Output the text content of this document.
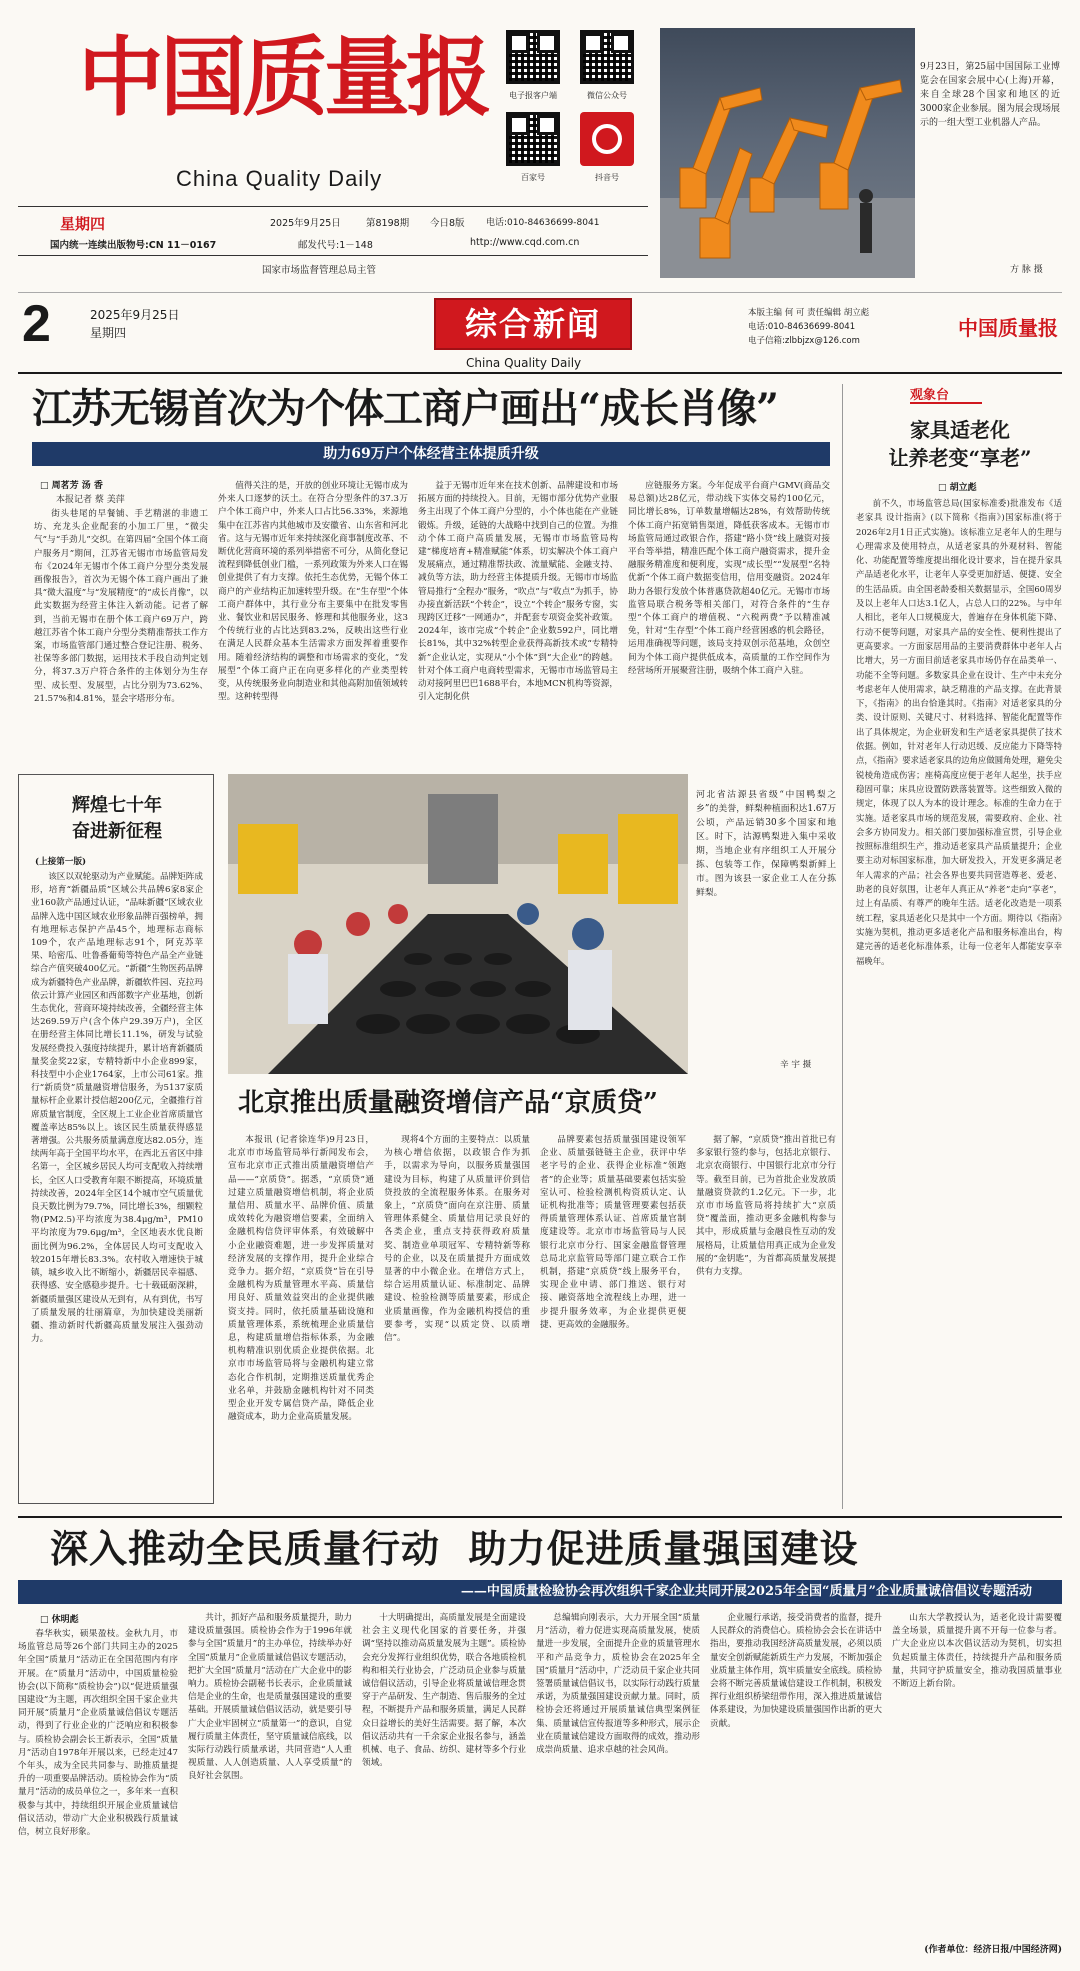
中国质量报
China Quality Daily
电子报客户端	微信公众号
百家号	抖音号
星期四	2025年9月25日	第8198期 今日8版 电话:010-84636699-8041
国内统一连续出版物号:CN 11－0167	邮发代号:1－148	http://www.cqd.com.cn
国家市场监督管理总局主管
9月23日，第25届中国国际工业博览会在国家会展中心(上海)开幕，来自全球28个国家和地区的近3000家企业参展。图为展会现场展示的一组大型工业机器人产品。
方 脉 摄
2	2025年9月25日
星期四	综合新闻
China Quality Daily
本版主编 何 可 责任编辑 胡立彪
电话:010-84636699-8041
电子信箱:zlbbjzx@126.com
中国质量报
江苏无锡首次为个体工商户画出“成长肖像”
助力69万户个体经营主体提质升级
□ 周茗芳 汤 香
本报记者 蔡 美萍
街头巷尾的早餐铺、手艺精湛的非遗工坊、充龙头企业配套的小加工厂里，“微尖气”与“手劲儿”交织。在第四届“全国个体工商户服务月”期间，江苏省无锡市市场监管局发布《2024年无锡市个体工商户分型分类发展画像报告》，首次为无锡个体工商户画出了兼具“微大温度”与“发展精度”的“成长肖像”，以此实数据为经营主体注入新动能。记者了解到，当前无锡市在册个体工商户69万户，跨越江苏省个体工商户分型分类精准帮扶工作方案，市场监管部门通过整合登记注册、税务、社保等多部门数据，运用技术手段自动判定划分，将37.3万户符合条件的主体划分为生存型、成长型、发展型，占比分别为73.62%、21.57%和4.81%，显会字塔形分布。
值得关注的是，开放的创业环境让无锡市成为外来人口逐梦的沃土。在符合分型条件的37.3万户个体工商户中，外来人口占比56.33%，来源地集中在江苏省内其他城市及安徽省、山东省和河北省。这与无锡市近年来持续深化商事制度改革、不断优化营商环境的系列举措密不可分，从简化登记流程到降低创业门槛，一系列政策为外来人口在锡创业提供了有力支撑。依托生态优势，无锡个体工商户的产业结构正加速转型升级。在“生存型”个体工商户群体中，其行业分布主要集中在批发零售业、餐饮业和居民服务、修理和其他服务业，这3个传统行业的占比达到83.2%，反映出这些行业在满足人民群众基本生活需求方面发挥着重要作用。随着经济结构的调整和市场需求的变化，“发展型”个体工商户正在向更多样化的产业类型转变，从传统服务业向制造业和其他高附加值领域转型。这种转型得
益于无锡市近年来在技术创新、品牌建设和市场拓展方面的持续投入。目前，无锡市部分优势产业服务主出现了个体工商户分型的，小个体也能在产业链锻炼。升级，延链的大战略中找到自己的位置。为推动个体工商户高质量发展，无锡市市场监管局构建“梯度培育+精准赋能”体系，切实解决个体工商户发展痛点，通过精准帮扶政、流量赋能、金融支持、减负等方法，助力经营主体提质升级。无锡市市场监管局推行“全程办”服务，“吹点”与“收点”为抓手，协办接直新活跃“个转企”，设立“个转企”服务专窗，实现跨区迁移“一网通办”，并配套专项资金奖补政策。2024年，该市完成“个转企”企业数592户，同比增长81%，其中32%转型企业获得高新技术或“专精特新”企业认定，实现从“小个体”到“大企业”的跨越。针对个体工商户电商转型需求，无锡市市场监管局主动对接阿里巴巴1688平台，本地MCN机构等资源，引入定制化供
应链服务方案。今年促成平台商户GMV(商品交易总额)达28亿元，带动线下实体交易约100亿元，同比增长8%，订单数量增幅达28%，有效帮助传统个体工商户拓宽销售渠道，降低获客成本。无锡市市场监管局通过政银合作，搭建“路小贷”线上融资对接平台等举措，精准匹配个体工商户融资需求，提升金融服务精准度和便利度，实现“成长型”“发展型”名特优新“个体工商户数据变信用，信用变融资。2024年助力各银行发放个体普惠贷款超40亿元。无锡市市场监管局联合税务等相关部门，对符合条件的“生存型”个体工商户的增值税、“六税两费”予以精准减免，针对“生存型”个体工商户经营困惑的机会路径，运用准确视等问题，该局支持双创示范基地，众创空间为个体工商户提供低成本，高质量的工作空间作为经营场所开展聚营注册，吸纳个体工商户入驻。
观象台
家具适老化
让养老变“享老”
□ 胡立彪
前不久，市场监管总局(国家标准委)批准发布《适老家具 设计指南》(以下简称《指南》)国家标准(将于2026年2月1日正式实施)。该标准立足老年人的生理与心理需求及使用特点，从适老家具的外观材料、智能化、功能配置等维度提出细化设计要求，旨在提升家具产品适老化水平，让老年人享受更加舒适、便捷、安全的生活品质。由全国老龄委相关数据显示，全国60周岁及以上老年人口达3.1亿人，占总人口的22%。与中年人相比，老年人口规模庞大，普遍存在身体机能下降、行动不便等问题，对家具产品的安全性、便利性提出了更高要求。一方面家居用品的主要消费群体中老年人占比增大，另一方面目前适老家具市场仍存在品类单一、功能不全等问题。多数家具企业在设计、生产中未充分考虑老年人使用需求，缺乏精准的产品支撑。在此背景下，《指南》的出台恰逢其时。《指南》对适老家具的分类、设计原则、关键尺寸、材料选择、智能化配置等作出了具体规定，为企业研发和生产适老家具提供了技术依据。例如，针对老年人行动迟缓、反应能力下降等特点，《指南》要求适老家具的边角应做圆角处理，避免尖锐棱角造成伤害；座椅高度应便于老年人起坐，扶手应稳固可靠；床具应设置防跌落装置等。这些细致入微的规定，体现了以人为本的设计理念。标准的生命力在于实施。适老家具市场的规范发展，需要政府、企业、社会多方协同发力。相关部门要加强标准宣贯，引导企业按照标准组织生产，推动适老家具产品质量提升；企业要主动对标国家标准，加大研发投入，开发更多满足老年人需求的产品；社会各界也要共同营造尊老、爱老、助老的良好氛围，让老年人真正从“养老”走向“享老”，过上有品质、有尊严的晚年生活。适老化改造是一项系统工程，家具适老化只是其中一个方面。期待以《指南》实施为契机，推动更多适老化产品和服务标准出台，构建完善的适老化标准体系，让每一位老年人都能安享幸福晚年。
辉煌七十年
奋进新征程
(上接第一版)
该区以双轮驱动为产业赋能。品牌矩阵成形，培育“新疆品质”区域公共品牌6家8家企业160款产品通过认证，“品味新疆”区域农业品牌入选中国区域农业形象品牌百强榜单，拥有地理标志保护产品45个，地理标志商标109个，农产品地理标志91个，阿克苏苹果、哈密瓜、吐鲁番葡萄等特色产品全产业链综合产值突破400亿元。“新疆”生物医药品牌成为新疆特色产业品牌，新疆软件园、克拉玛依云计算产业园区和西部数字产业基地，创新生态优化，营商环境持续改善，全疆经营主体达269.59万户(含个体户29.39万户)，全区在册经营主体同比增长11.1%，研发与试验发展经费投入强度持续提升，累计培育新疆质量奖金奖22家，专精特新中小企业899家，科技型中小企业1764家，上市公司61家。推行“新质贷”质量融资增信服务，为5137家质量标杆企业累计授信超200亿元，全疆推行首席质量官制度，全区规上工业企业首席质量官覆盖率达85%以上。该区民生质量获得感显著增强。公共服务质量满意度达82.05分，连续两年高于全国平均水平，在西北五省区中排名第一，全区城乡居民人均可支配收入持续增长，全区人口受教育年限不断提高，环境质量持续改善，2024年全区14个城市空气质量优良天数比例为79.7%，同比增长3%，细颗粒物(PM2.5)平均浓度为38.4μg/m³，PM10平均浓度为79.6μg/m³，全区地表水优良断面比例为96.2%，全体居民人均可支配收入较2015年增长83.3%。农村收入增速快于城镇，城乡收入比不断缩小，新疆居民幸福感、获得感、安全感稳步提升。七十载砥砺深耕，新疆质量强区建设从无到有，从有到优，书写了质量发展的壮丽篇章，为加快建设美丽新疆、推动新时代新疆高质量发展注入强劲动力。
河北省沽源县省级“中国鸭梨之乡”的美誉，鲜梨种植面积达1.67万公顷，产品远销30多个国家和地区。时下，沽源鸭梨进入集中采收期，当地企业有序组织工人开展分拣、包装等工作，保障鸭梨新鲜上市。图为该县一家企业工人在分拣鲜梨。
辛 宇 摄
北京推出质量融资增信产品“京质贷”
本报讯 (记者徐连华)9月23日，北京市市场监管局举行新闻发布会，宣布北京市正式推出质量融资增信产品——“京质贷”。据悉，“京质贷”通过建立质量融资增信机制，将企业质量信用、质量水平、品牌价值、质量成效转化为融资增信要素，全面纳入金融机构信贷评审体系，有效破解中小企业融资难题，进一步发挥质量对经济发展的支撑作用，提升企业综合竞争力。据介绍，“京质贷”旨在引导金融机构为质量管理水平高、质量信用良好、质量效益突出的企业提供融资支持。同时，依托质量基础设施和质量管理体系，系统梳理企业质量信息，构建质量增信指标体系，为金融机构精准识别优质企业提供依据。北京市市场监管局将与金融机构建立常态化合作机制，定期推送质量优秀企业名单，并鼓励金融机构针对不同类型企业开发专属信贷产品，降低企业融资成本，助力企业高质量发展。
现将4个方面的主要特点：以质量为核心增信依据，以政银合作为抓手，以需求为导向，以服务质量强国建设为目标，构建了从质量评价到信贷投放的全流程服务体系。在服务对象上，“京质贷”面向在京注册、质量管理体系健全、质量信用记录良好的各类企业，重点支持获得政府质量奖、制造业单项冠军、专精特新等称号的企业，以及在质量提升方面成效显著的中小微企业。在增信方式上，综合运用质量认证、标准制定、品牌建设、检验检测等质量要素，形成企业质量画像，作为金融机构授信的重要参考，实现“以质定贷、以质增信”。
品牌要素包括质量强国建设领军企业、质量强链链主企业，获评中华老字号的企业、获得企业标准“领跑者”的企业等；质量基础要素包括实验室认可、检验检测机构资质认定、认证机构批准等；质量管理要素包括获得质量管理体系认证、首席质量官制度建设等。北京市市场监管局与人民银行北京市分行、国家金融监督管理总局北京监管局等部门建立联合工作机制，搭建“京质贷”线上服务平台，实现企业申请、部门推送、银行对接、融资落地全流程线上办理，进一步提升服务效率，为企业提供更便捷、更高效的金融服务。
据了解，“京质贷”推出首批已有多家银行签约参与，包括北京银行、北京农商银行、中国银行北京市分行等。截至目前，已为首批企业发放质量融资贷款约1.2亿元。下一步，北京市市场监管局将持续扩大“京质贷”覆盖面，推动更多金融机构参与其中，形成质量与金融良性互动的发展格局，让质量信用真正成为企业发展的“金钥匙”，为首都高质量发展提供有力支撑。
深入推动全民质量行动  助力促进质量强国建设
——中国质量检验协会再次组织千家企业共同开展2025年全国“质量月”企业质量诚信倡议专题活动
□ 休明彪
春华秋实，硕果盈枝。金秋九月，市场监管总局等26个部门共同主办的2025年全国“质量月”活动正在全国范围内有序开展。在“质量月”活动中，中国质量检验协会(以下简称“质检协会”)以“促进质量强国建设”为主题，再次组织全国千家企业共同开展“质量月”企业质量诚信倡议专题活动，得到了行业企业的广泛响应和积极参与。质检协会副会长王新表示，全国“质量月”活动自1978年开展以来，已经走过47个年头，成为全民共同参与、助推质量提升的一项重要品牌活动。质检协会作为“质量月”活动的成员单位之一，多年来一直积极参与其中，持续组织开展企业质量诚信倡议活动，带动广大企业积极践行质量诚信，树立良好形象。
共计，抓好产品和服务质量提升，助力建设质量强国。质检协会作为于1996年就参与全国“质量月”的主办单位，持续举办好全国“质量月”企业质量诚信倡议专题活动，把扩大全国“质量月”活动在广大企业中的影响力。质检协会副秘书长表示，企业质量诚信是企业的生命，也是质量强国建设的重要基础。开展质量诚信倡议活动，就是要引导广大企业牢固树立“质量第一”的意识，自觉履行质量主体责任，坚守质量诚信底线，以实际行动践行质量承诺，共同营造“人人重视质量、人人创造质量、人人享受质量”的良好社会氛围。
十大明确提出，高质量发展是全面建设社会主义现代化国家的首要任务，并强调“坚持以推动高质量发展为主题”。质检协会充分发挥行业组织优势，联合各地质检机构和相关行业协会，广泛动员企业参与质量诚信倡议活动，引导企业将质量诚信理念贯穿于产品研发、生产制造、售后服务的全过程，不断提升产品和服务质量，满足人民群众日益增长的美好生活需要。据了解，本次倡议活动共有一千余家企业报名参与，涵盖机械、电子、食品、纺织、建材等多个行业领域。
总编辑向刚表示，大力开展全国“质量月”活动，着力促进实现高质量发展，使质量进一步发展，全面提升企业的质量管理水平和产品竞争力，质检协会在2025年全国“质量月”活动中，广泛动员千家企业共同签署质量诚信倡议书，以实际行动践行质量承诺，为质量强国建设贡献力量。同时，质检协会还将通过开展质量诚信典型案例征集、质量诚信宣传报道等多种形式，展示企业在质量诚信建设方面取得的成效，推动形成崇尚质量、追求卓越的社会风尚。
企业履行承诺，接受消费者的监督，提升人民群众的消费信心。质检协会会长在讲话中指出，要推动我国经济高质量发展，必须以质量安全创新赋能新质生产力发展，不断加强企业质量主体作用，筑牢质量安全底线。质检协会将不断完善质量诚信建设工作机制，积极发挥行业组织桥梁纽带作用，深入推进质量诚信体系建设，为加快建设质量强国作出新的更大贡献。
山东大学教授认为，适老化设计需要覆盖全场景，质量提升离不开每一位参与者。广大企业应以本次倡议活动为契机，切实担负起质量主体责任，持续提升产品和服务质量，共同守护质量安全，推动我国质量事业不断迈上新台阶。
(作者单位：经济日报/中国经济网)
